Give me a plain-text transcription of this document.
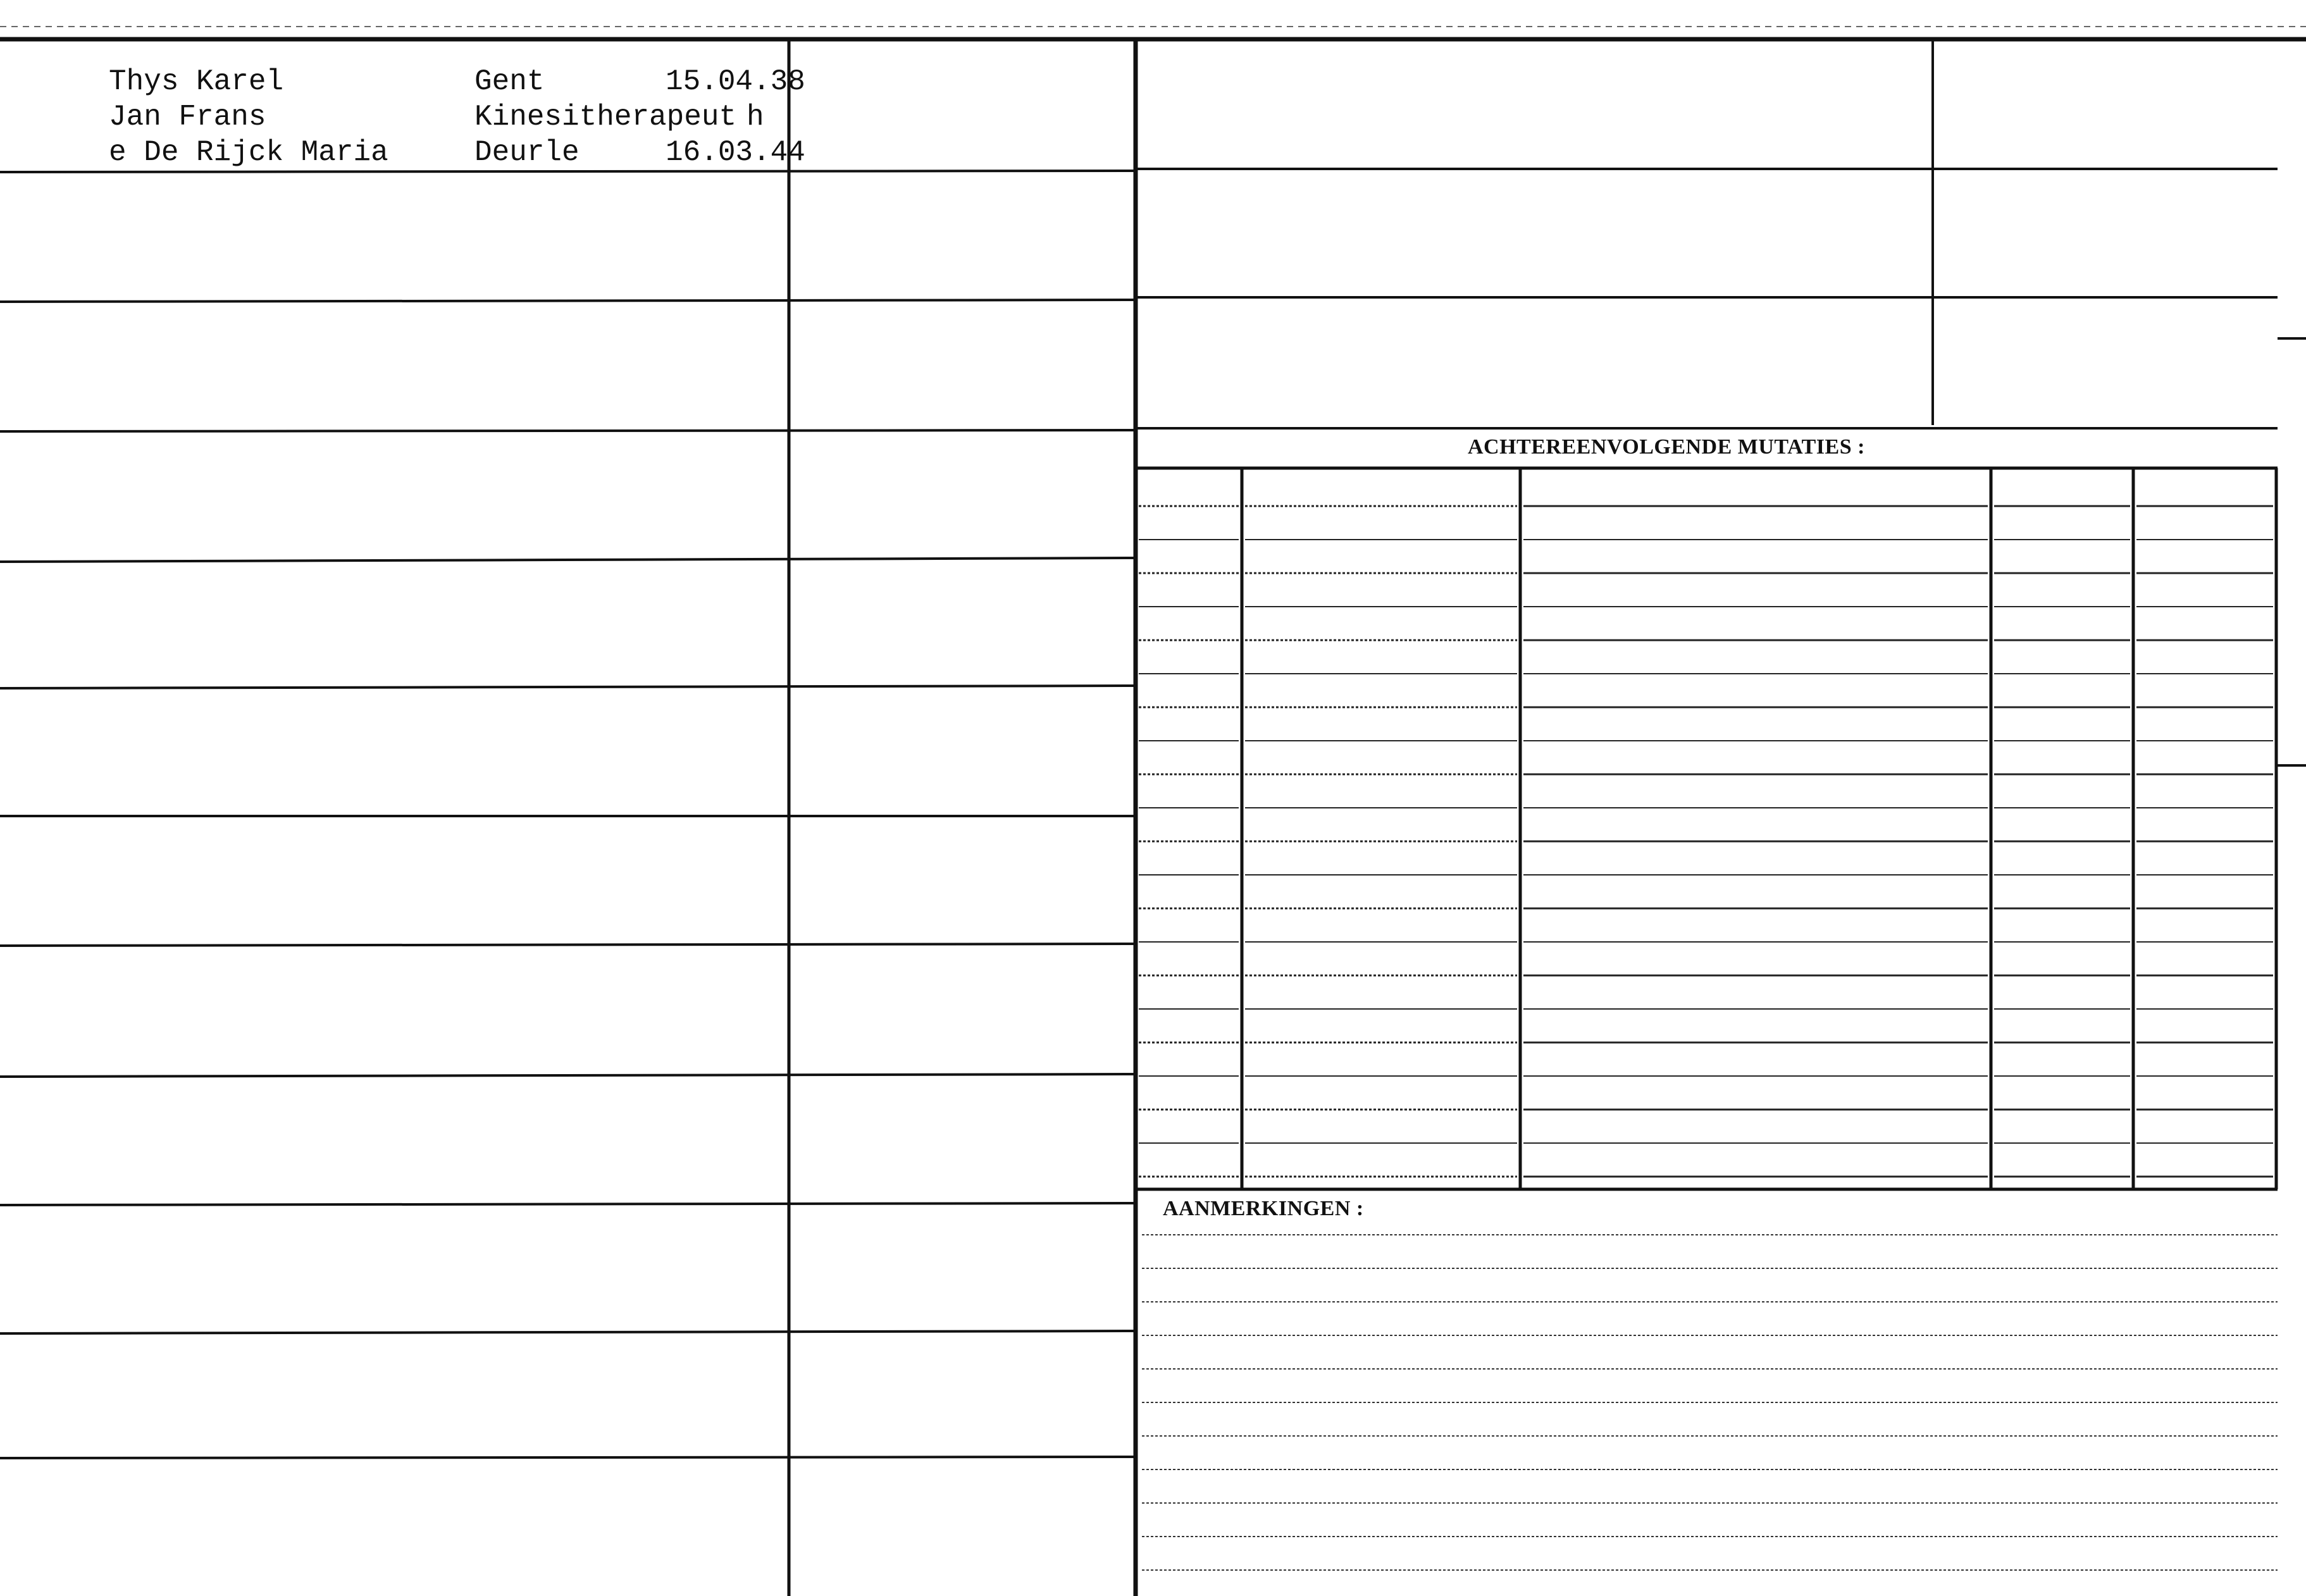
Thys Karel	Gent	15.04.38
Jan Frans	Kinesitherapeut h
e De Rijck Maria	Deurle	16.03.44
ACHTEREENVOLGENDE MUTATIES :
AANMERKINGEN :
